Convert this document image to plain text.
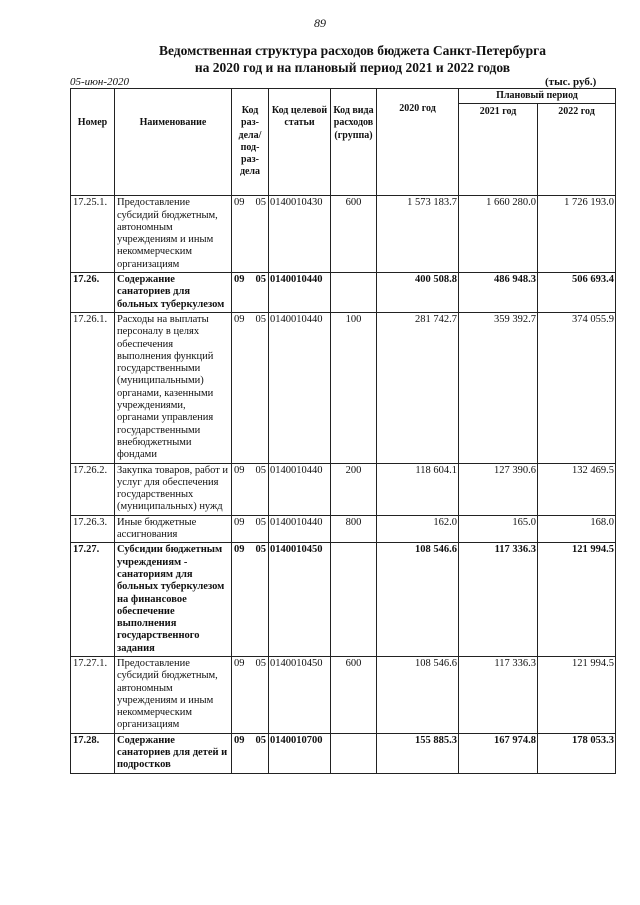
89
Ведомственная структура расходов бюджета Санкт-Петербурга
на 2020 год и на плановый период 2021 и 2022 годов
05-июн-2020	(тыс. руб.)
Номер	Наименование	Код раз-дела/ под-раз-дела	Код целевой статьи	Код вида расходов (группа)	2020 год	Плановый период	
						2021 год	2022 год
17.25.1.	Предоставление субсидий бюджетным, автономным учреждениям и иным некоммерческим организациям	09 05	0140010430	600	1 573 183.7	1 660 280.0	1 726 193.0
17.26.	Содержание санаториев для больных туберкулезом	09 05	0140010440		400 508.8	486 948.3	506 693.4
17.26.1.	Расходы на выплаты персоналу в целях обеспечения выполнения функций государственными (муниципальными) органами, казенными учреждениями, органами управления государственными внебюджетными фондами	09 05	0140010440	100	281 742.7	359 392.7	374 055.9
17.26.2.	Закупка товаров, работ и услуг для обеспечения государственных (муниципальных) нужд	09 05	0140010440	200	118 604.1	127 390.6	132 469.5
17.26.3.	Иные бюджетные ассигнования	09 05	0140010440	800	162.0	165.0	168.0
17.27.	Субсидии бюджетным учреждениям - санаториям для больных туберкулезом на финансовое обеспечение выполнения государственного задания	09 05	0140010450		108 546.6	117 336.3	121 994.5
17.27.1.	Предоставление субсидий бюджетным, автономным учреждениям и иным некоммерческим организациям	09 05	0140010450	600	108 546.6	117 336.3	121 994.5
17.28.	Содержание санаториев для детей и подростков	09 05	0140010700		155 885.3	167 974.8	178 053.3
